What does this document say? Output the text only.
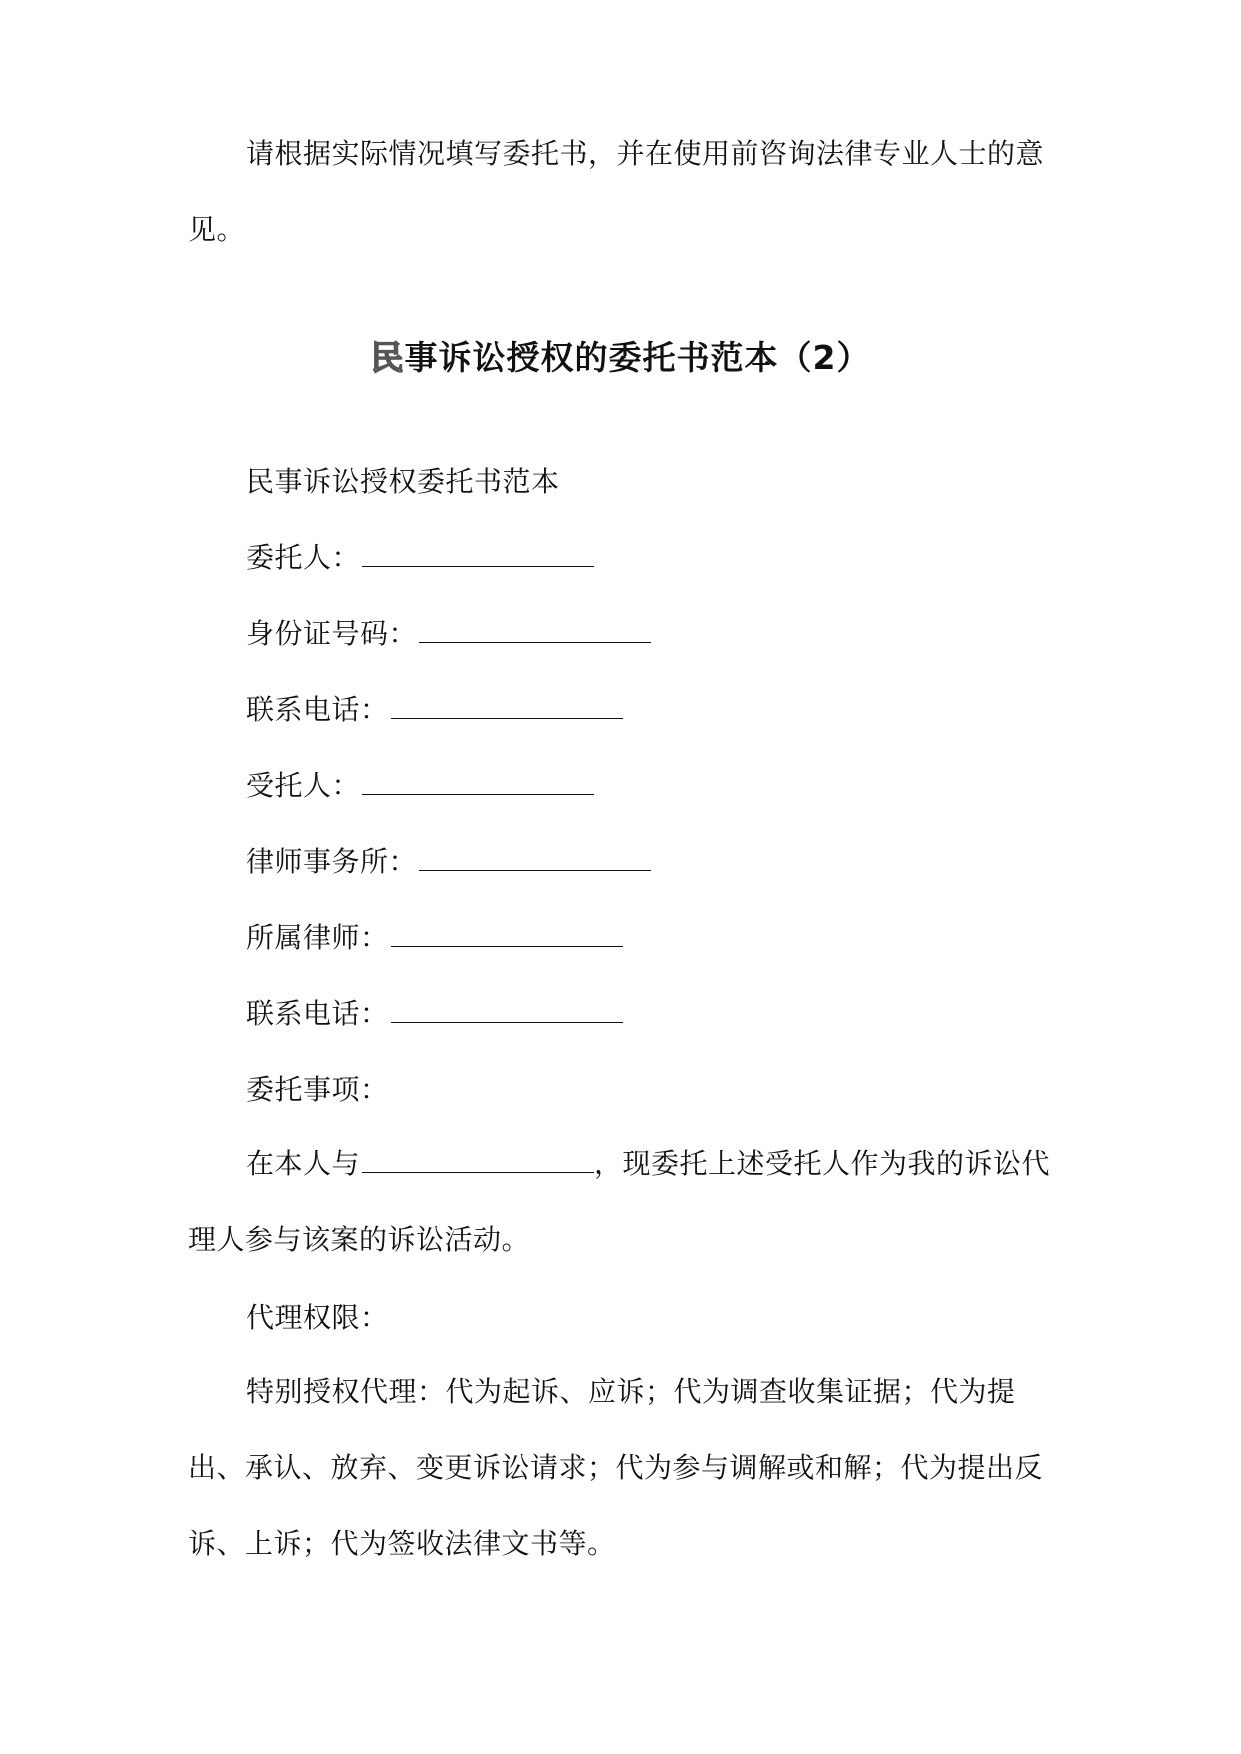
请根据实际情况填写委托书，并在使用前咨询法律专业人士的意见。

民事诉讼授权的委托书范本（2）

民事诉讼授权委托书范本

委托人：

身份证号码：

联系电话：

受托人：

律师事务所：

所属律师：

联系电话：

委托事项：

在本人与	，现委托上述受托人作为我的诉讼代理人参与该案的诉讼活动。

代理权限：

特别授权代理：代为起诉、应诉；代为调查收集证据；代为提出、承认、放弃、变更诉讼请求；代为参与调解或和解；代为提出反诉、上诉；代为签收法律文书等。
